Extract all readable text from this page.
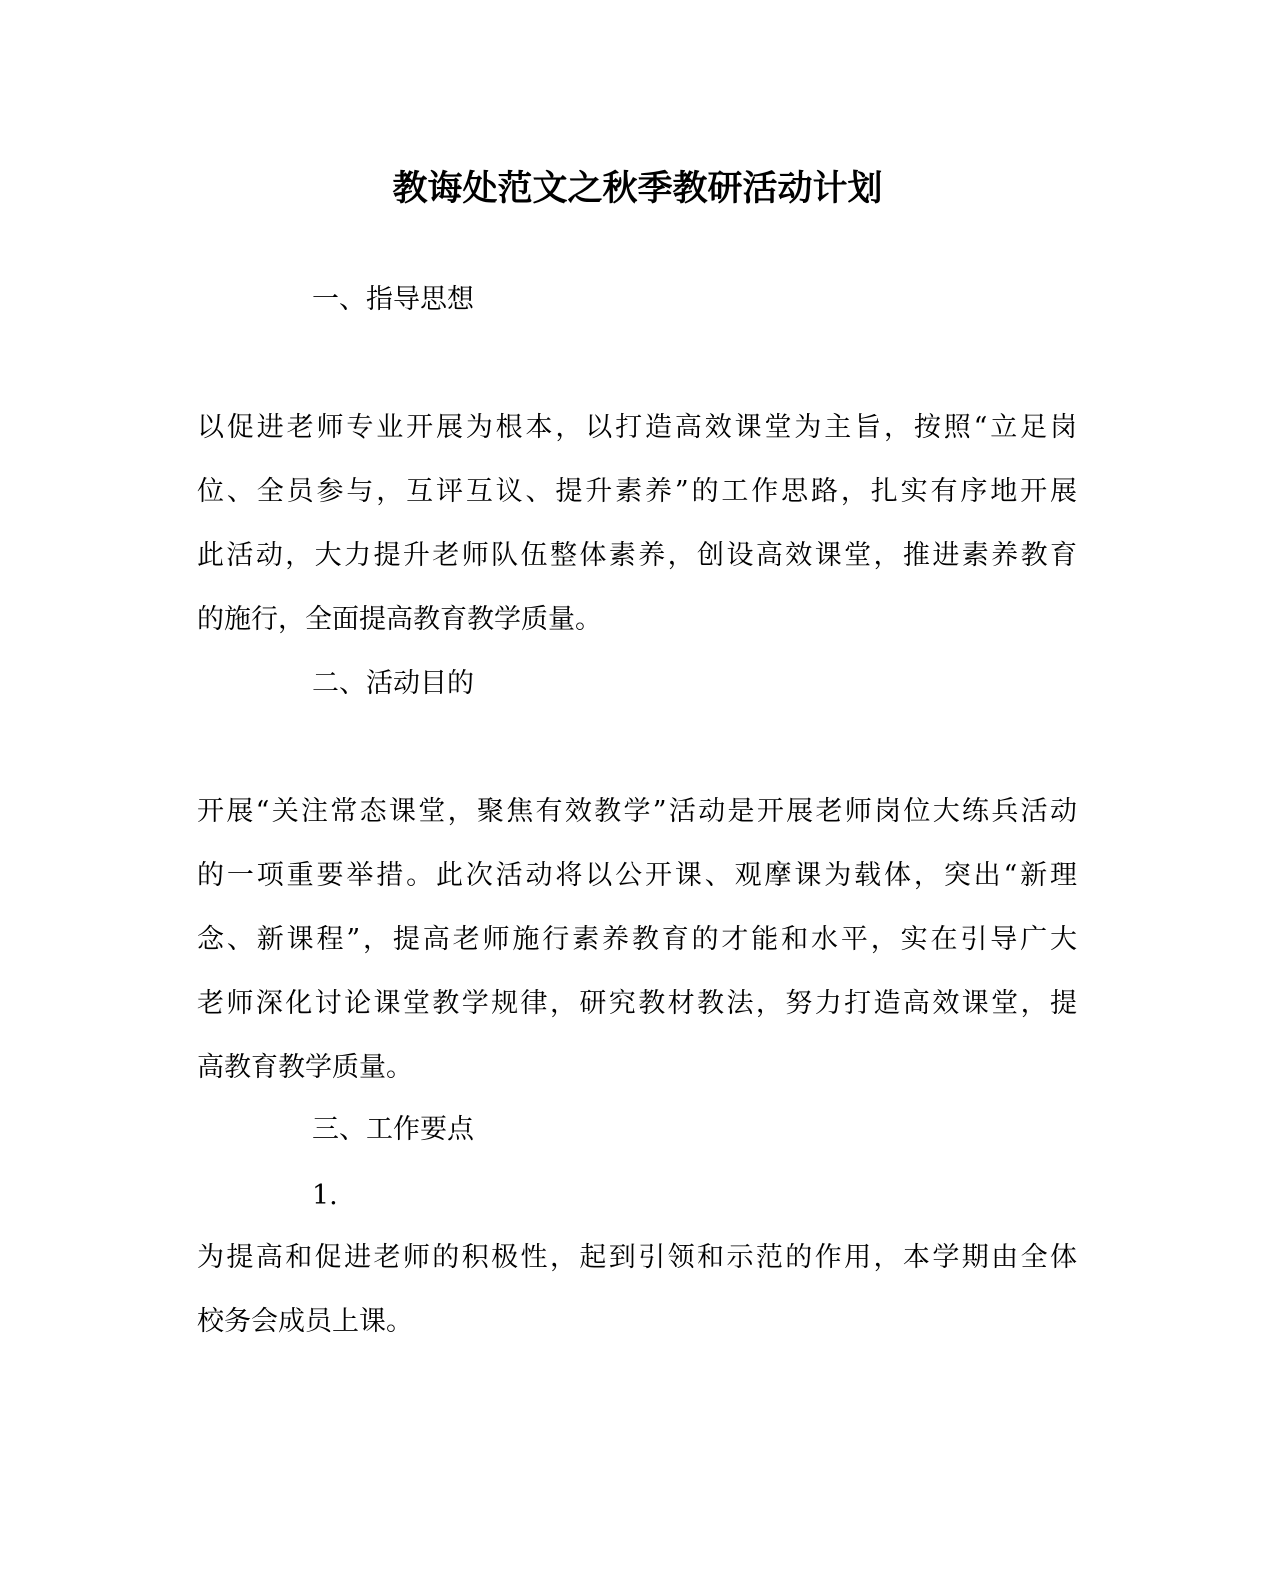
教诲处范文之秋季教研活动计划
一、指导思想
以促进老师专业开展为根本，以打造高效课堂为主旨，按照“立足岗
位、全员参与，互评互议、提升素养”的工作思路，扎实有序地开展
此活动，大力提升老师队伍整体素养，创设高效课堂，推进素养教育
的施行，全面提高教育教学质量。
二、活动目的
开展“关注常态课堂，聚焦有效教学”活动是开展老师岗位大练兵活动
的一项重要举措。此次活动将以公开课、观摩课为载体，突出“新理
念、新课程”，提高老师施行素养教育的才能和水平，实在引导广大
老师深化讨论课堂教学规律，研究教材教法，努力打造高效课堂，提
高教育教学质量。
三、工作要点
1.
为提高和促进老师的积极性，起到引领和示范的作用，本学期由全体
校务会成员上课。
